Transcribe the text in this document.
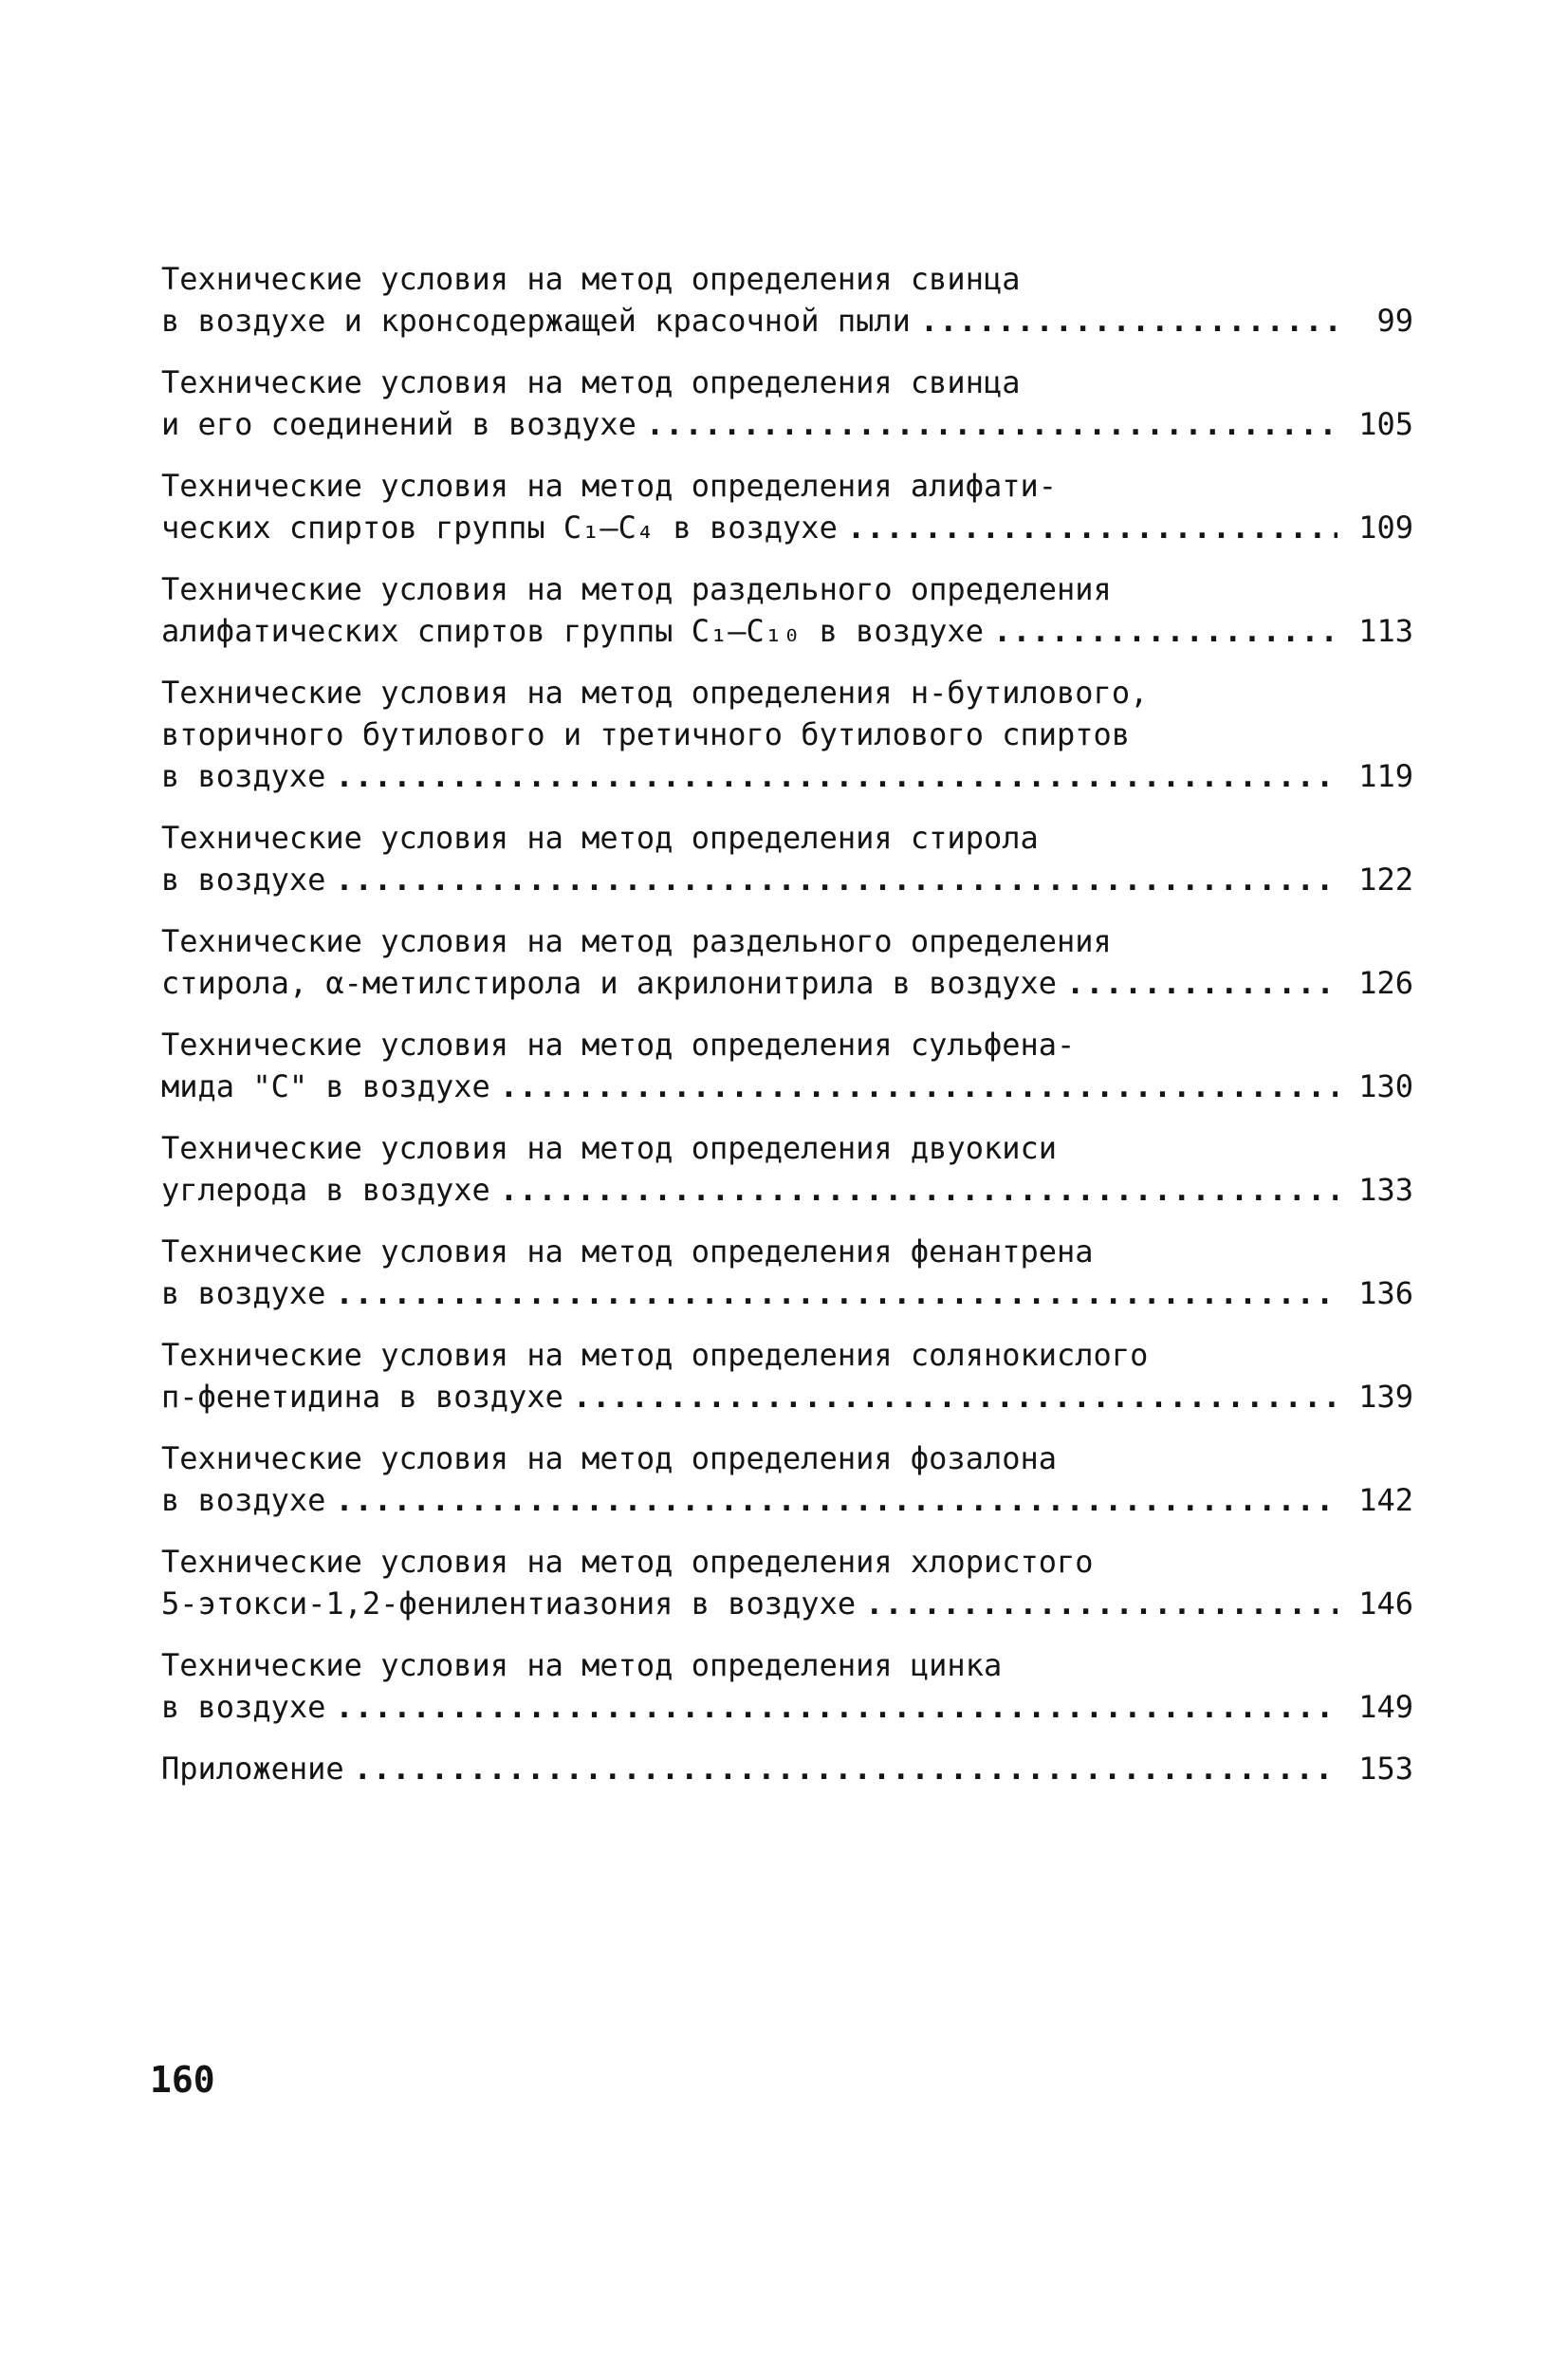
Технические условия на метод определения свинца
в воздухе и кронсодержащей красочной пыли .....	99
Технические условия на метод определения свинца
и его соединений в воздухе .....	105
Технические условия на метод определения алифати-
ческих спиртов группы С₁–С₄ в воздухе .....	109
Технические условия на метод раздельного определения
алифатических спиртов группы С₁–С₁₀ в воздухе .....	113
Технические условия на метод определения н-бутилового,
вторичного бутилового и третичного бутилового спиртов
в воздухе .....	119
Технические условия на метод определения стирола
в воздухе .....	122
Технические условия на метод раздельного определения
стирола, α-метилстирола и акрилонитрила в воздухе .....	126
Технические условия на метод определения сульфена-
мида "С" в воздухе .....	130
Технические условия на метод определения двуокиси
углерода в воздухе .....	133
Технические условия на метод определения фенантрена
в воздухе .....	136
Технические условия на метод определения солянокислого
п-фенетидина в воздухе .....	139
Технические условия на метод определения фозалона
в воздухе .....	142
Технические условия на метод определения хлористого
5-этокси-1,2-фенилентиазония в воздухе .....	146
Технические условия на метод определения цинка
в воздухе .....	149
Приложение .....	153
160
